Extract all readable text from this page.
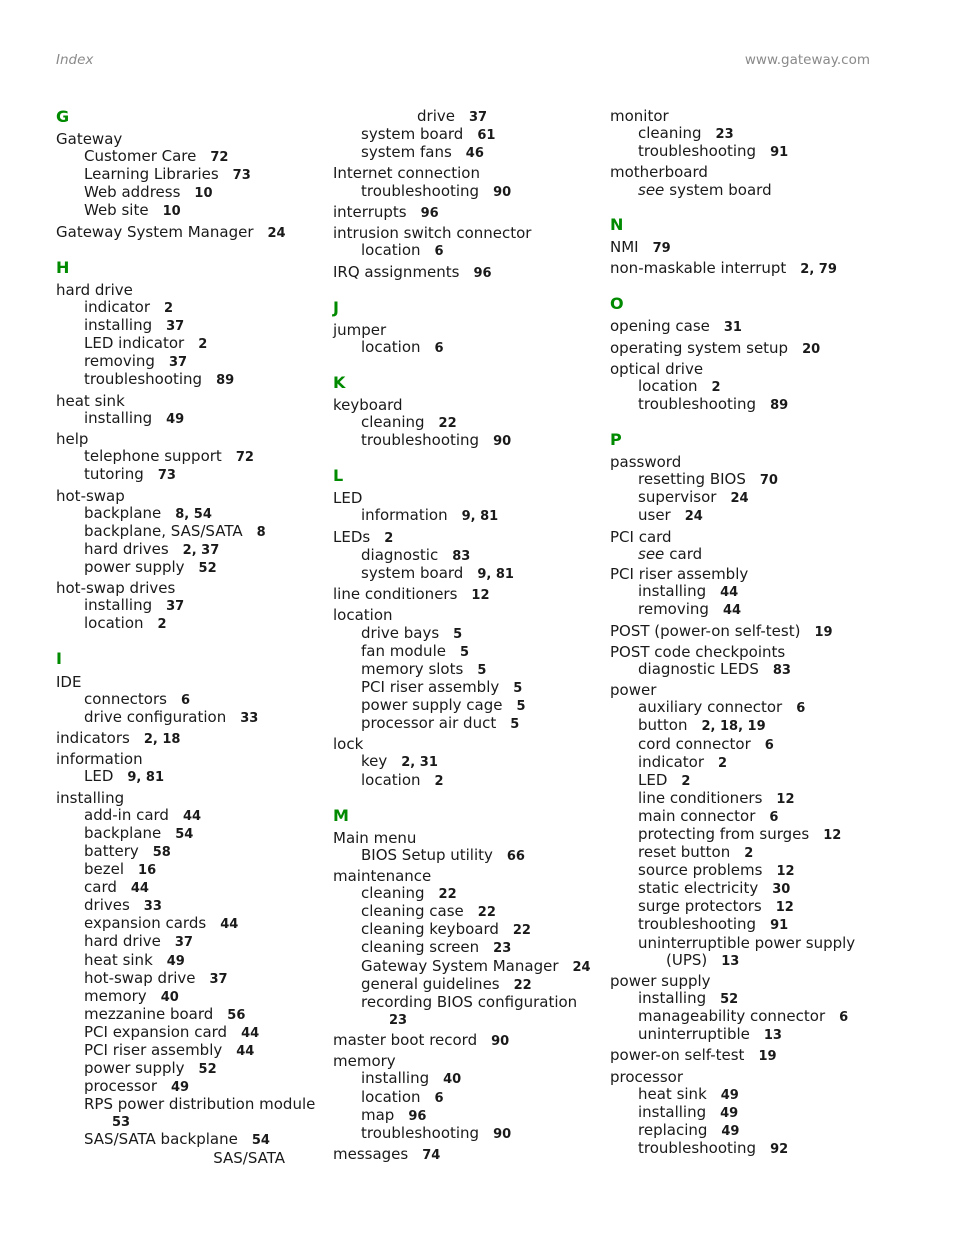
Index	www.gateway.com
G
Gateway
Customer Care 72
Learning Libraries 73
Web address 10
Web site 10
Gateway System Manager 24
H
hard drive
indicator 2
installing 37
LED indicator 2
removing 37
troubleshooting 89
heat sink
installing 49
help
telephone support 72
tutoring 73
hot-swap
backplane 8, 54
backplane, SAS/SATA 8
hard drives 2, 37
power supply 52
hot-swap drives
installing 37
location 2
I
IDE
connectors 6
drive configuration 33
indicators 2, 18
information
LED 9, 81
installing
add-in card 44
backplane 54
battery 58
bezel 16
card 44
drives 33
expansion cards 44
hard drive 37
heat sink 49
hot-swap drive 37
memory 40
mezzanine board 56
PCI expansion card 44
PCI riser assembly 44
power supply 52
processor 49
RPS power distribution module
53
SAS/SATA backplane 54
SAS/SATA
drive 37
system board 61
system fans 46
Internet connection
troubleshooting 90
interrupts 96
intrusion switch connector
location 6
IRQ assignments 96
J
jumper
location 6
K
keyboard
cleaning 22
troubleshooting 90
L
LED
information 9, 81
LEDs 2
diagnostic 83
system board 9, 81
line conditioners 12
location
drive bays 5
fan module 5
memory slots 5
PCI riser assembly 5
power supply cage 5
processor air duct 5
lock
key 2, 31
location 2
M
Main menu
BIOS Setup utility 66
maintenance
cleaning 22
cleaning case 22
cleaning keyboard 22
cleaning screen 23
Gateway System Manager 24
general guidelines 22
recording BIOS configuration
23
master boot record 90
memory
installing 40
location 6
map 96
troubleshooting 90
messages 74
monitor
cleaning 23
troubleshooting 91
motherboard
see system board
N
NMI 79
non-maskable interrupt 2, 79
O
opening case 31
operating system setup 20
optical drive
location 2
troubleshooting 89
P
password
resetting BIOS 70
supervisor 24
user 24
PCI card
see card
PCI riser assembly
installing 44
removing 44
POST (power-on self-test) 19
POST code checkpoints
diagnostic LEDS 83
power
auxiliary connector 6
button 2, 18, 19
cord connector 6
indicator 2
LED 2
line conditioners 12
main connector 6
protecting from surges 12
reset button 2
source problems 12
static electricity 30
surge protectors 12
troubleshooting 91
uninterruptible power supply
(UPS) 13
power supply
installing 52
manageability connector 6
uninterruptible 13
power-on self-test 19
processor
heat sink 49
installing 49
replacing 49
troubleshooting 92
